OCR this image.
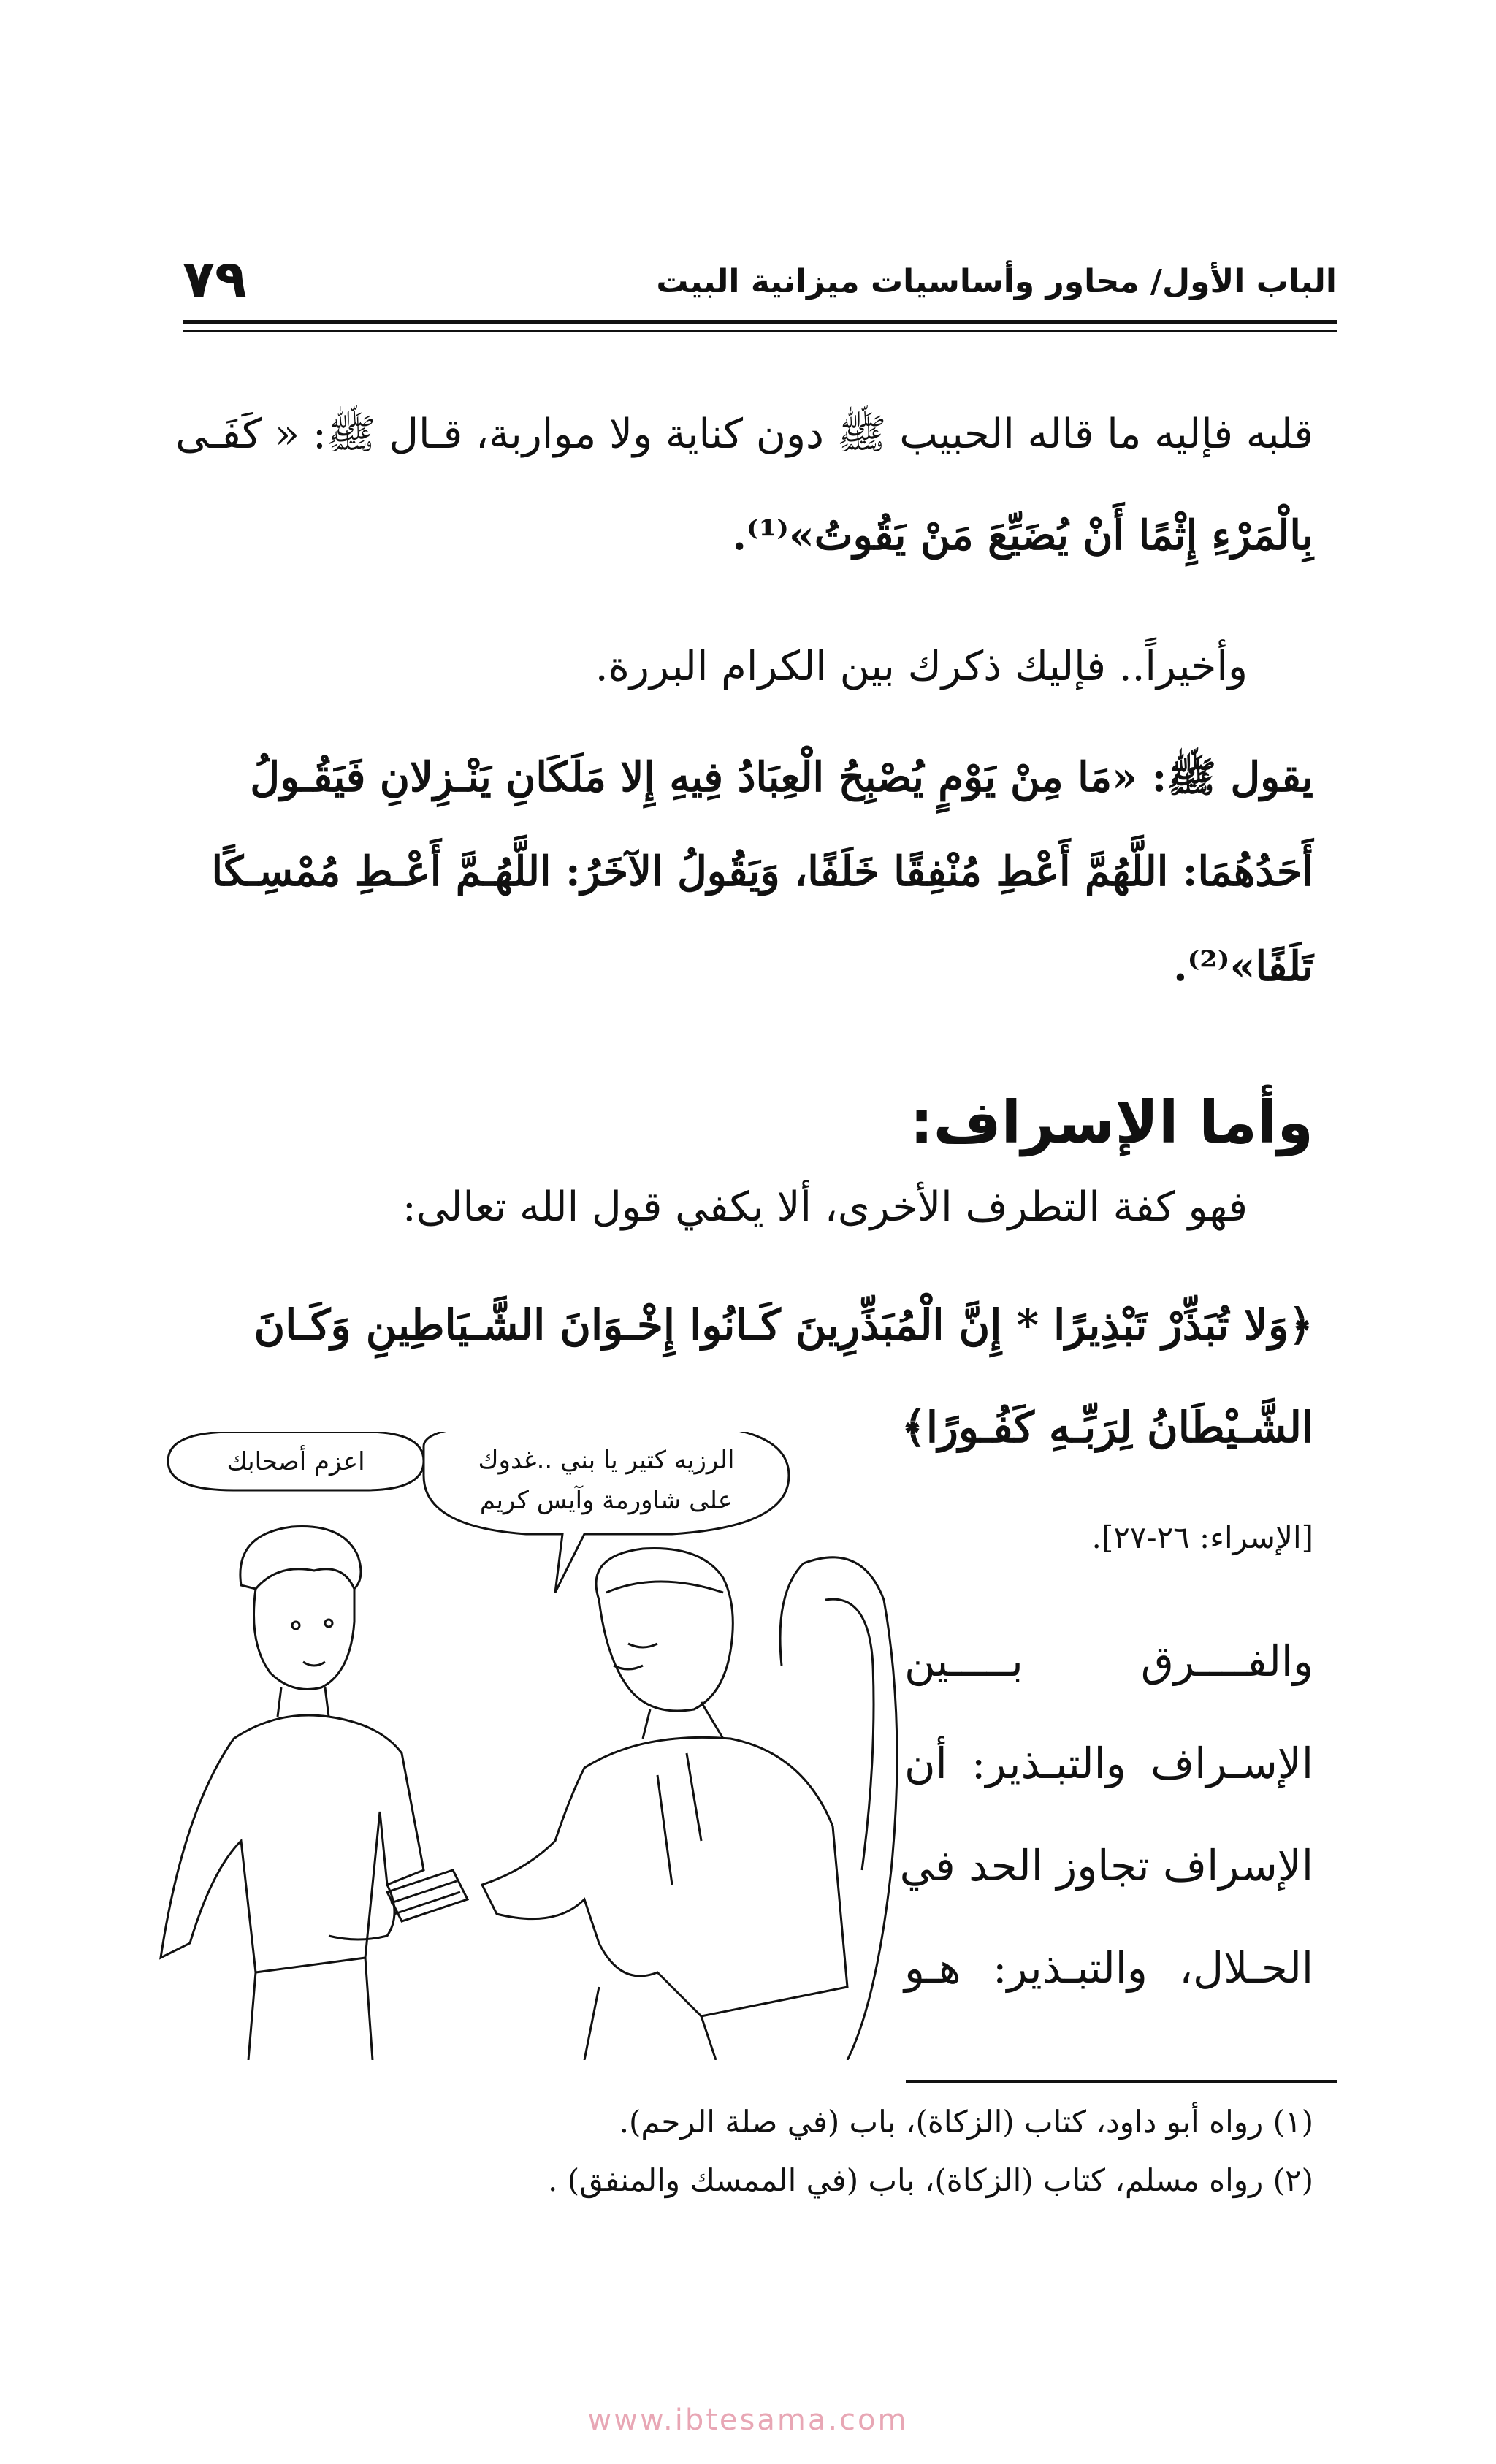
٧٩	الباب الأول/ محاور وأساسيات ميزانية البيت
قلبه فإليه ما قاله الحبيب ﷺ دون كناية ولا مواربة، قـال ﷺ: « كَفَـى
بِالْمَرْءِ إِثْمًا أَنْ يُضَيِّعَ مَنْ يَقُوتُ»⁽¹⁾.
وأخيراً.. فإليك ذكرك بين الكرام البررة.
يقول ﷺ: «مَا مِنْ يَوْمٍ يُصْبِحُ الْعِبَادُ فِيهِ إِلا مَلَكَانِ يَنْـزِلانِ فَيَقُـولُ
أَحَدُهُمَا: اللَّهُمَّ أَعْطِ مُنْفِقًا خَلَفًا، وَيَقُولُ الآخَرُ: اللَّهُـمَّ أَعْـطِ مُمْسِـكًا
تَلَفًا»⁽²⁾.
وأما الإسراف:
فهو كفة التطرف الأخرى، ألا يكفي قول الله تعالى:
﴿وَلا تُبَذِّرْ تَبْذِيرًا * إِنَّ الْمُبَذِّرِينَ كَـانُوا إِخْـوَانَ الشَّـيَاطِينِ وَكَـانَ
الشَّـيْطَانُ لِرَبِّـهِ كَفُـورًا﴾
[الإسراء: ٢٦-٢٧].
والفــــرق بـــــين
الإسـراف والتبـذير: أن
الإسراف تجاوز الحد في
الحـلال، والتبـذير: هـو
اعزم أصحابك	الرزيه كتير يا بني ..غدوك
على شاورمة وآيس كريم
(١) رواه أبو داود، كتاب (الزكاة)، باب (في صلة الرحم).
(٢) رواه مسلم، كتاب (الزكاة)، باب (في الممسك والمنفق) .
www.ibtesama.com
